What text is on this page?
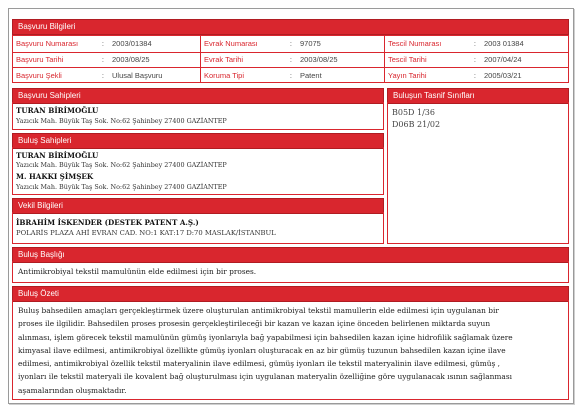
Başvuru Bilgileri
Başvuru Numarası	:	2003/01384	Evrak Numarası	:	97075	Tescil Numarası	:	2003 01384
Başvuru Tarihi	:	2003/08/25	Evrak Tarihi	:	2003/08/25	Tescil Tarihi	:	2007/04/24
Başvuru Şekli	:	Ulusal Başvuru	Koruma Tipi	:	Patent	Yayın Tarihi	:	2005/03/21
Başvuru Sahipleri
TURAN BİRİMOĞLU
Yazıcık Mah. Büyük Taş Sok. No:62 Şahinbey 27400 GAZİANTEP
Buluşun Tasnif Sınıfları
B05D 1/36
D06B 21/02
Buluş Sahipleri
TURAN BİRİMOĞLU
Yazıcık Mah. Büyük Taş Sok. No:62 Şahinbey 27400 GAZİANTEP
M. HAKKI ŞİMŞEK
Yazıcık Mah. Büyük Taş Sok. No:62 Şahinbey 27400 GAZİANTEP
Vekil Bilgileri
İBRAHİM İSKENDER (DESTEK PATENT A.Ş.)
POLARİS PLAZA AHİ EVRAN CAD. NO:1 KAT:17 D:70 MASLAK/İSTANBUL
Buluş Başlığı
Antimikrobiyal tekstil mamulünün elde edilmesi için bir proses.
Buluş Özeti
Buluş bahsedilen amaçları gerçekleştirmek üzere oluşturulan antimikrobiyal tekstil mamullerin elde edilmesi için uygulanan bir
proses ile ilgilidir. Bahsedilen proses prosesin gerçekleştirileceği bir kazan ve kazan içine önceden belirlenen miktarda suyun
alınması, işlem görecek tekstil mamulünün gümüş iyonlarıyla bağ yapabilmesi için bahsedilen kazan içine hidrofilik sağlamak üzere
kimyasal ilave edilmesi, antimikrobiyal özellikte gümüş iyonları oluşturacak en az bir gümüş tuzunun bahsedilen kazan içine ilave
edilmesi, antimikrobiyal özellik tekstil materyalinin ilave edilmesi, gümüş iyonları ile tekstil materyalinin ilave edilmesi, gümüş ,
iyonları ile tekstil materyali ile kovalent bağ oluşturulması için uygulanan materyalin özelliğine göre uygulanacak ısının sağlanması
aşamalarından oluşmaktadır.
